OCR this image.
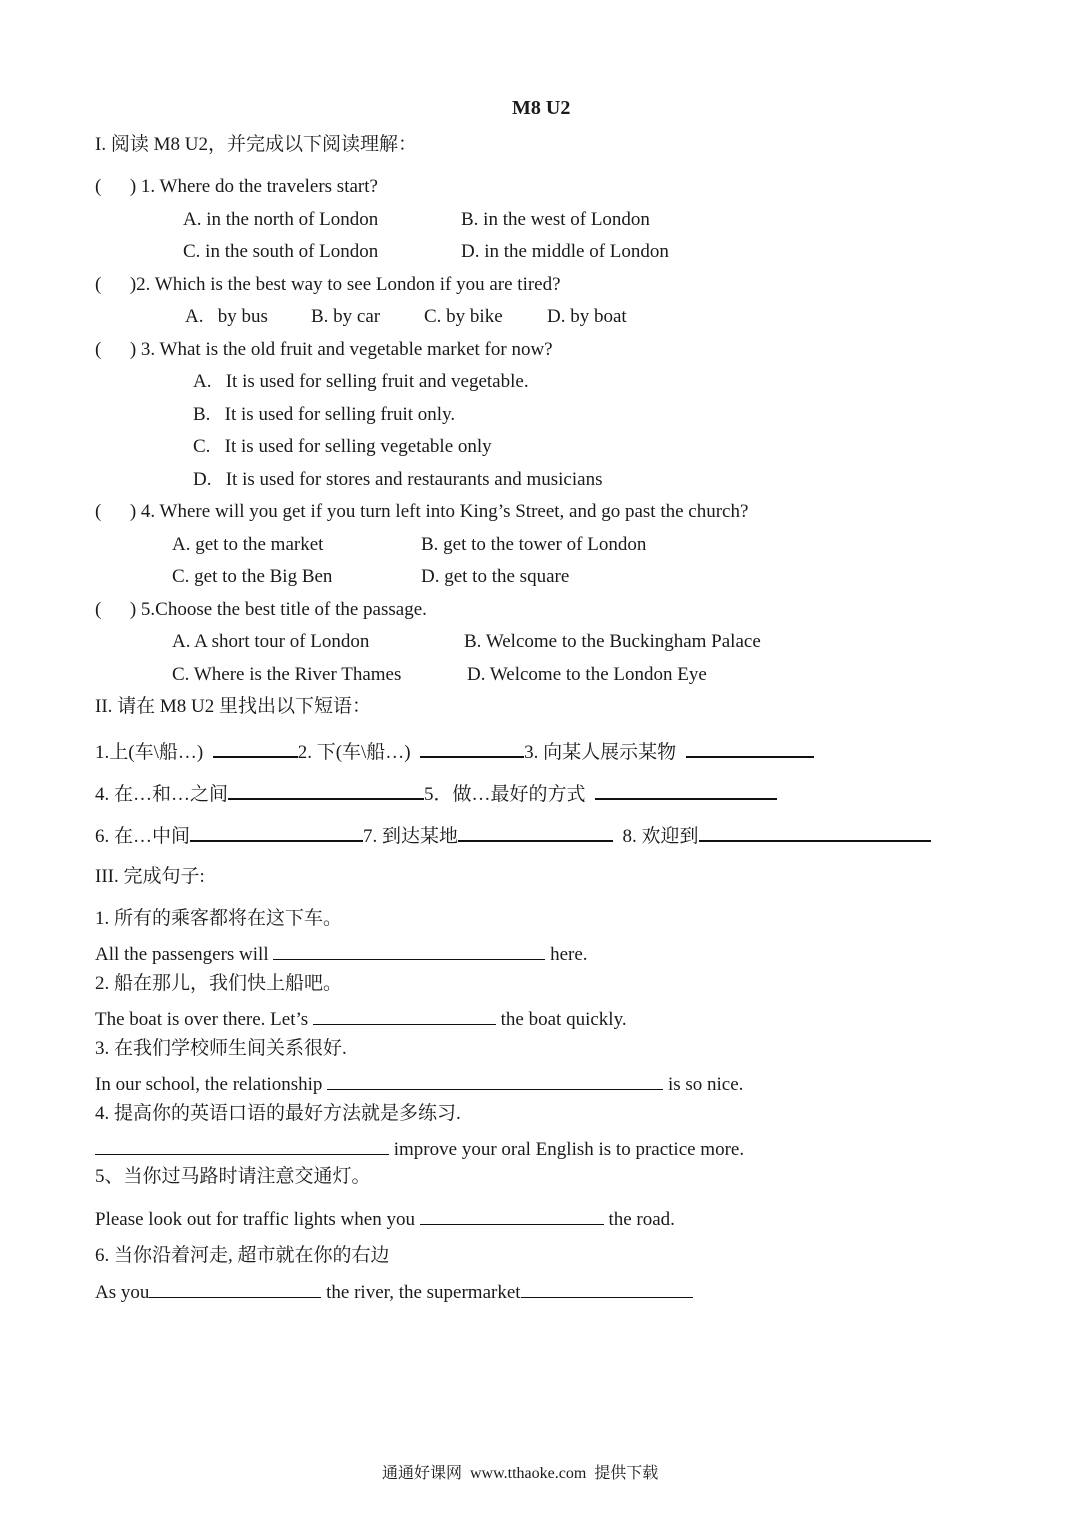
M8 U2
I. 阅读 M8 U2，并完成以下阅读理解：
(      ) 1. Where do the travelers start?
A. in the north of London	B. in the west of London
C. in the south of London	D. in the middle of London
(      )2. Which is the best way to see London if you are tired?
A.   by bus B. by car C. by bike D. by boat
(      ) 3. What is the old fruit and vegetable market for now?
A.   It is used for selling fruit and vegetable.
B.   It is used for selling fruit only.
C.   It is used for selling vegetable only
D.   It is used for stores and restaurants and musicians
(      ) 4. Where will you get if you turn left into King’s Street, and go past the church?
A. get to the market	B. get to the tower of London
C. get to the Big Ben	D. get to the square
(      ) 5.Choose the best title of the passage.
A. A short tour of London	B. Welcome to the Buckingham Palace
C. Where is the River Thames	D. Welcome to the London Eye
II. 请在 M8 U2 里找出以下短语：
1.上(车\船…)	2. 下(车\船…)	3. 向某人展示某物
4. 在…和…之间	5．做…最好的方式
6. 在…中间	7. 到达某地	8. 欢迎到
III. 完成句子:
1. 所有的乘客都将在这下车。
All the passengers will	here.
2. 船在那儿，我们快上船吧。
The boat is over there. Let’s	the boat quickly.
3. 在我们学校师生间关系很好.
In our school, the relationship	is so nice.
4. 提高你的英语口语的最好方法就是多练习.
improve your oral English is to practice more.
5、当你过马路时请注意交通灯。
Please look out for traffic lights when you	the road.
6. 当你沿着河走, 超市就在你的右边
As you	the river, the supermarket
通通好课网  www.tthaoke.com  提供下载
